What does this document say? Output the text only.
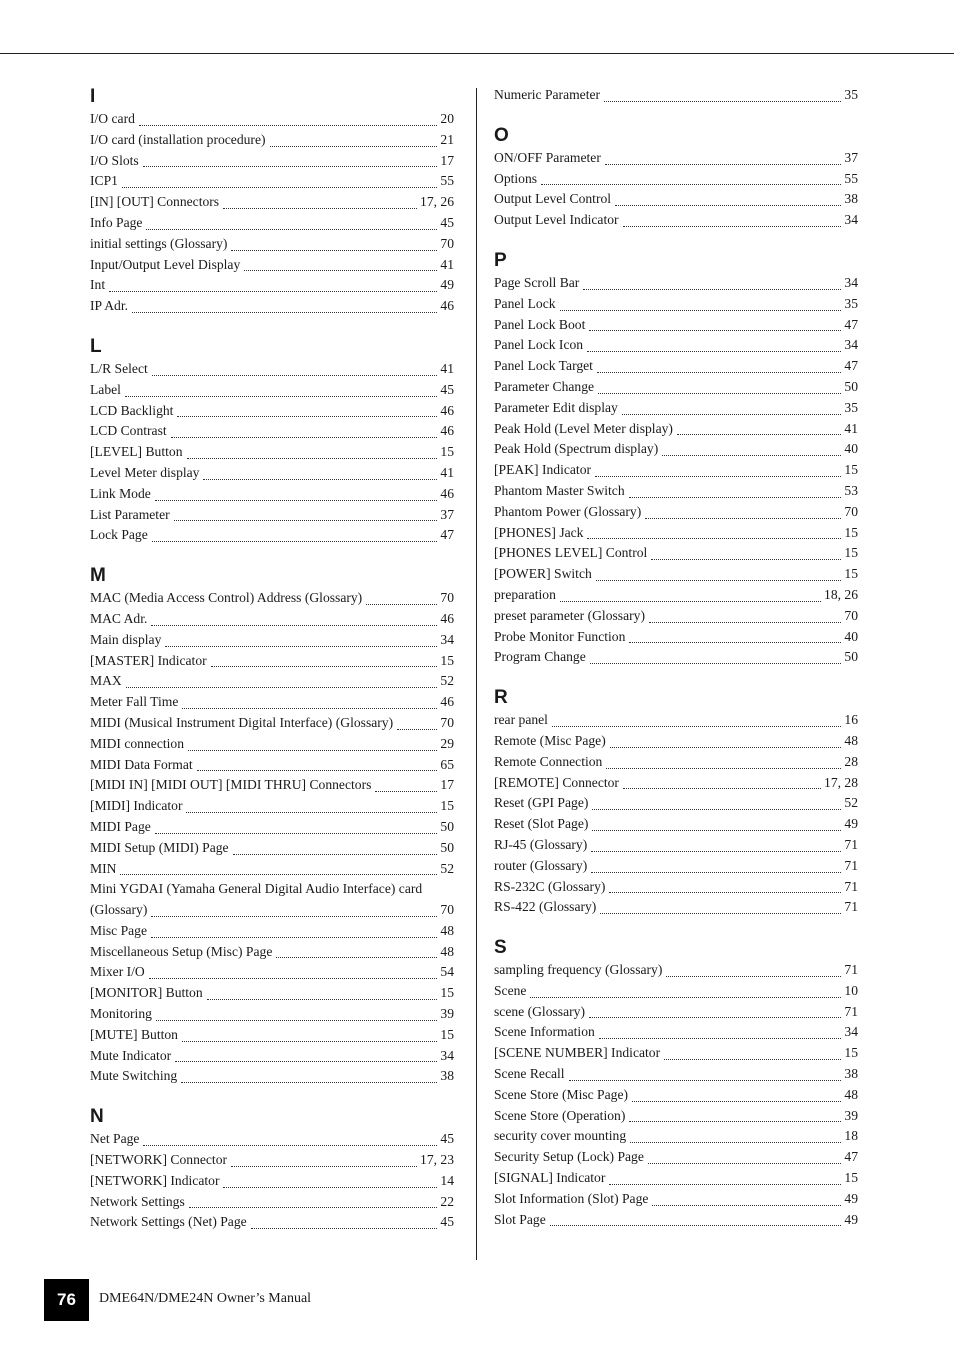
I
I/O card	20
I/O card (installation procedure)	21
I/O Slots	17
ICP1	55
[IN] [OUT] Connectors	17, 26
Info Page	45
initial settings (Glossary)	70
Input/Output Level Display	41
Int	49
IP Adr.	46
L
L/R Select	41
Label	45
LCD Backlight	46
LCD Contrast	46
[LEVEL] Button	15
Level Meter display	41
Link Mode	46
List Parameter	37
Lock Page	47
M
MAC (Media Access Control) Address (Glossary)	70
MAC Adr.	46
Main display	34
[MASTER] Indicator	15
MAX	52
Meter Fall Time	46
MIDI (Musical Instrument Digital Interface) (Glossary)	70
MIDI connection	29
MIDI Data Format	65
[MIDI IN] [MIDI OUT] [MIDI THRU] Connectors	17
[MIDI] Indicator	15
MIDI Page	50
MIDI Setup (MIDI) Page	50
MIN	52
Mini YGDAI (Yamaha General Digital Audio Interface) card
(Glossary)	70
Misc Page	48
Miscellaneous Setup (Misc) Page	48
Mixer I/O	54
[MONITOR] Button	15
Monitoring	39
[MUTE] Button	15
Mute Indicator	34
Mute Switching	38
N
Net Page	45
[NETWORK] Connector	17, 23
[NETWORK] Indicator	14
Network Settings	22
Network Settings (Net) Page	45
Numeric Parameter	35
O
ON/OFF Parameter	37
Options	55
Output Level Control	38
Output Level Indicator	34
P
Page Scroll Bar	34
Panel Lock	35
Panel Lock Boot	47
Panel Lock Icon	34
Panel Lock Target	47
Parameter Change	50
Parameter Edit display	35
Peak Hold (Level Meter display)	41
Peak Hold (Spectrum display)	40
[PEAK] Indicator	15
Phantom Master Switch	53
Phantom Power (Glossary)	70
[PHONES] Jack	15
[PHONES LEVEL] Control	15
[POWER] Switch	15
preparation	18, 26
preset parameter (Glossary)	70
Probe Monitor Function	40
Program Change	50
R
rear panel	16
Remote (Misc Page)	48
Remote Connection	28
[REMOTE] Connector	17, 28
Reset (GPI Page)	52
Reset (Slot Page)	49
RJ-45 (Glossary)	71
router (Glossary)	71
RS-232C (Glossary)	71
RS-422 (Glossary)	71
S
sampling frequency (Glossary)	71
Scene	10
scene (Glossary)	71
Scene Information	34
[SCENE NUMBER] Indicator	15
Scene Recall	38
Scene Store (Misc Page)	48
Scene Store (Operation)	39
security cover mounting	18
Security Setup (Lock) Page	47
[SIGNAL] Indicator	15
Slot Information (Slot) Page	49
Slot Page	49
76 DME64N/DME24N Owner’s Manual
